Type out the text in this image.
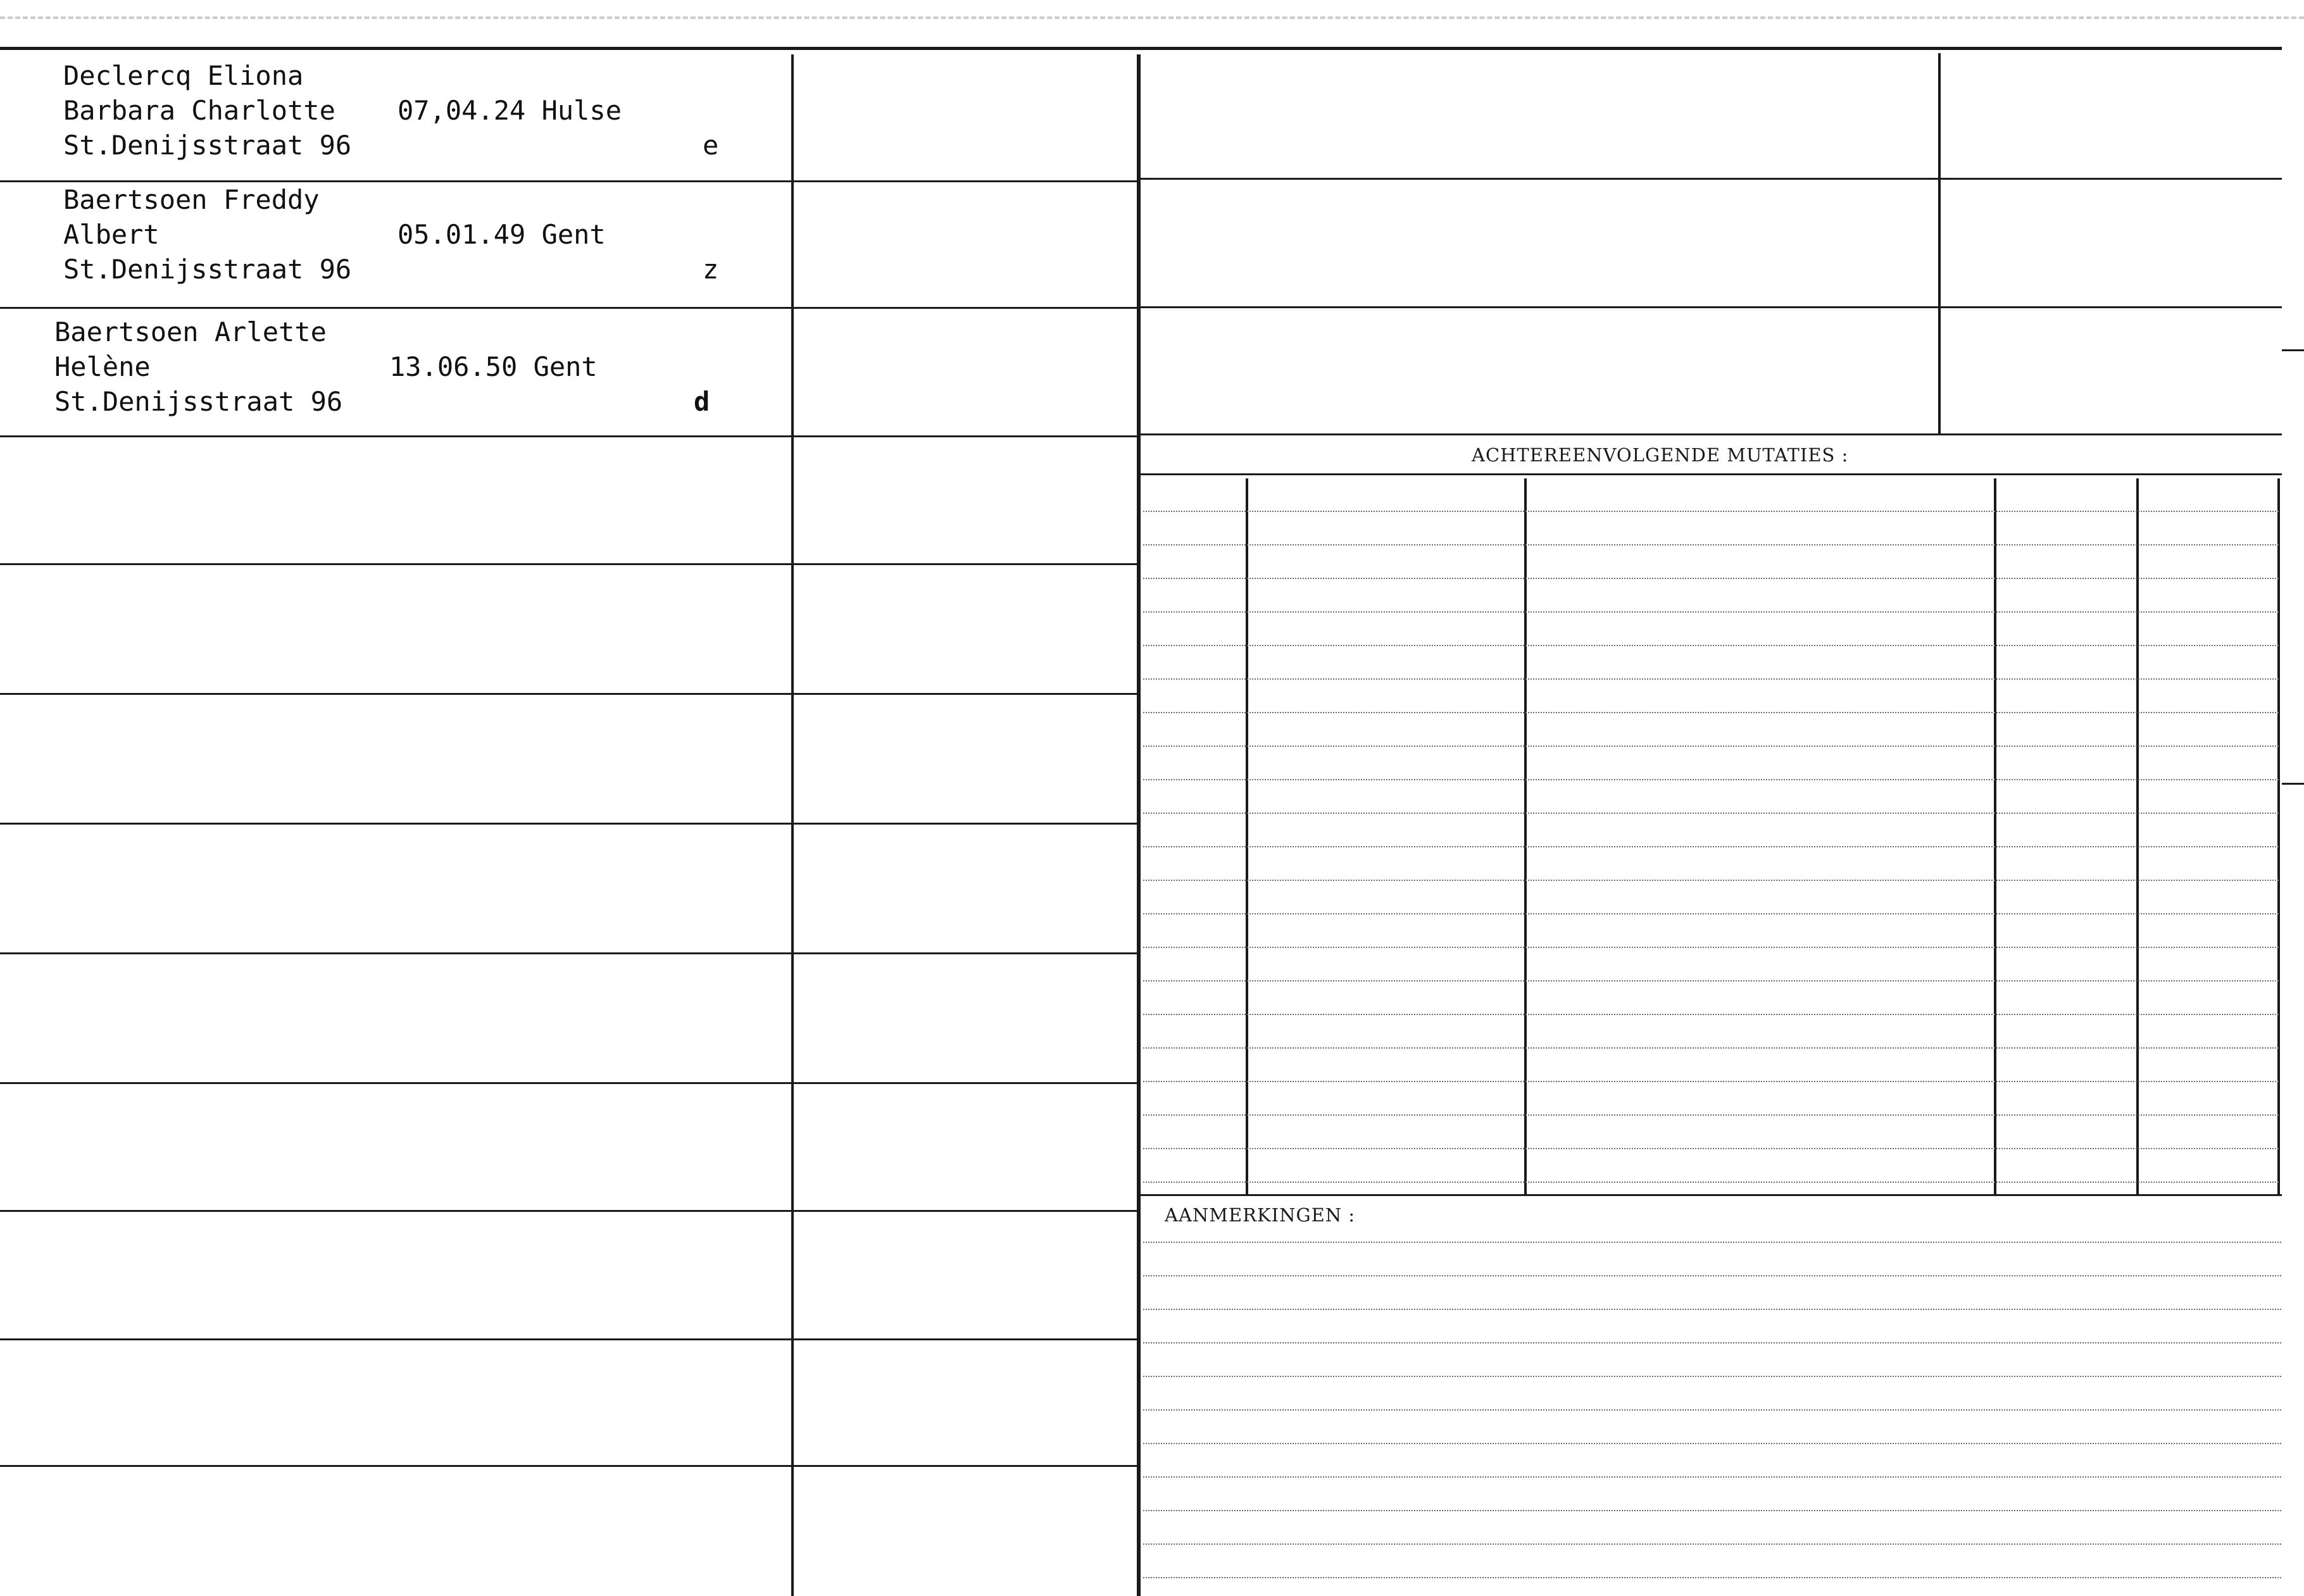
ACHTEREENVOLGENDE MUTATIES :
AANMERKINGEN :
Declercq Eliona
Barbara Charlotte
St.Denijsstraat 96
07,04.24 Hulse
e
Baertsoen Freddy
Albert
St.Denijsstraat 96
05.01.49 Gent
z
Baertsoen Arlette
Helène
St.Denijsstraat 96
13.06.50 Gent
d
